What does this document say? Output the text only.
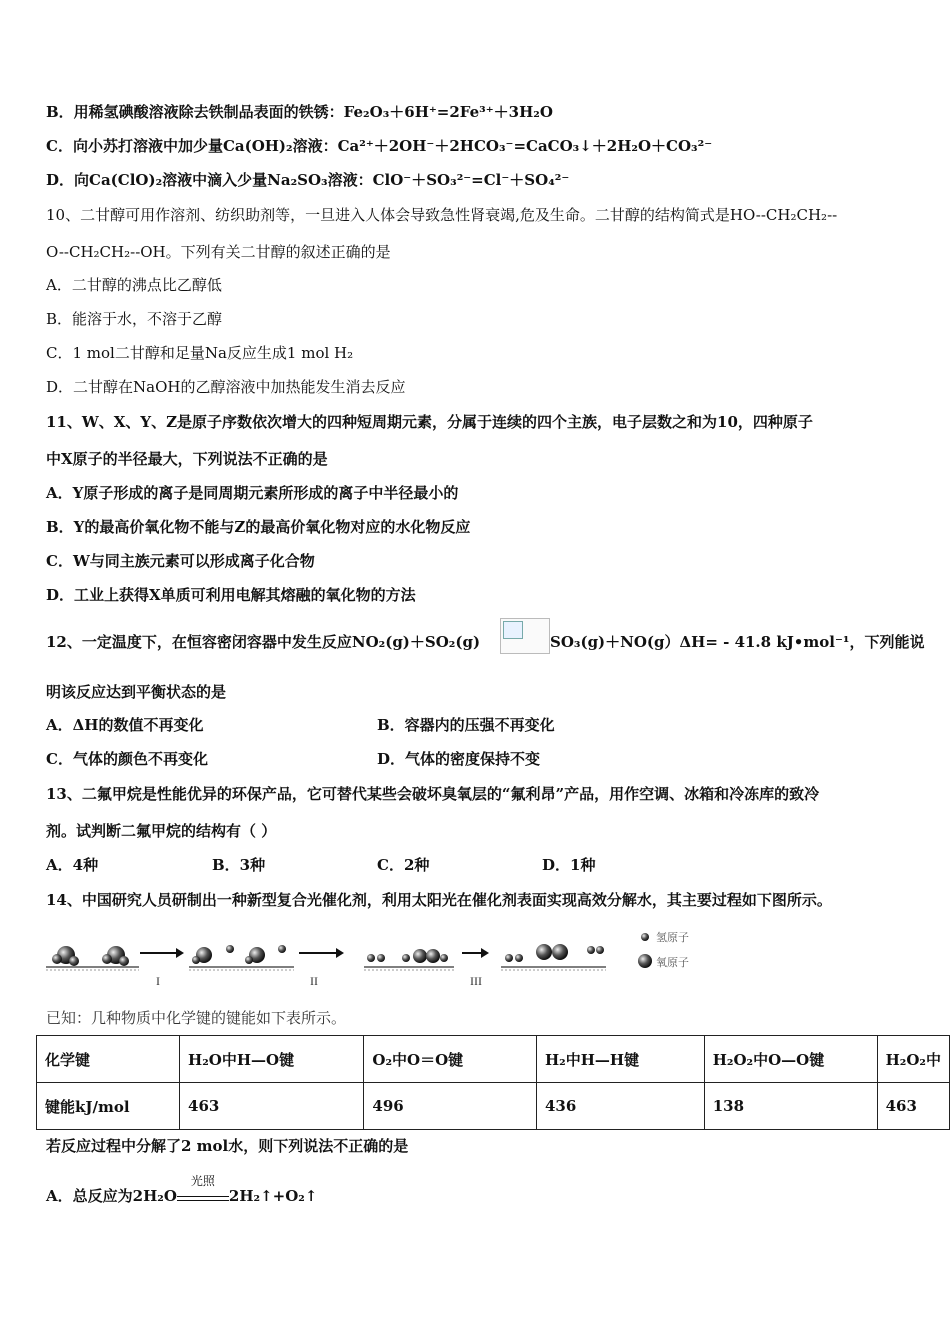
B．用稀氢碘酸溶液除去铁制品表面的铁锈：Fe₂O₃＋6H⁺=2Fe³⁺＋3H₂O
C．向小苏打溶液中加少量Ca(OH)₂溶液：Ca²⁺＋2OH⁻＋2HCO₃⁻=CaCO₃↓＋2H₂O＋CO₃²⁻
D．向Ca(ClO)₂溶液中滴入少量Na₂SO₃溶液：ClO⁻＋SO₃²⁻=Cl⁻＋SO₄²⁻
10、二甘醇可用作溶剂、纺织助剂等，一旦进入人体会导致急性肾衰竭,危及生命。二甘醇的结构简式是HO--CH₂CH₂--
O--CH₂CH₂--OH。下列有关二甘醇的叙述正确的是
A．二甘醇的沸点比乙醇低
B．能溶于水，不溶于乙醇
C．1 mol二甘醇和足量Na反应生成1 mol H₂
D．二甘醇在NaOH的乙醇溶液中加热能发生消去反应
11、W、X、Y、Z是原子序数依次增大的四种短周期元素，分属于连续的四个主族，电子层数之和为10，四种原子
中X原子的半径最大，下列说法不正确的是
A．Y原子形成的离子是同周期元素所形成的离子中半径最小的
B．Y的最高价氧化物不能与Z的最高价氧化物对应的水化物反应
C．W与同主族元素可以形成离子化合物
D．工业上获得X单质可利用电解其熔融的氧化物的方法
12、一定温度下，在恒容密闭容器中发生反应NO₂(g)＋SO₂(g)	SO₃(g)＋NO(g）ΔH= - 41.8 kJ•mol⁻¹，下列能说
明该反应达到平衡状态的是
A．ΔH的数值不再变化	B．容器内的压强不再变化
C．气体的颜色不再变化	D．气体的密度保持不变
13、二氟甲烷是性能优异的环保产品，它可替代某些会破坏臭氧层的“氟利昂”产品，用作空调、冰箱和冷冻库的致冷
剂。试判断二氟甲烷的结构有（ ）
A．4种	B．3种	C．2种	D．1种
14、中国研究人员研制出一种新型复合光催化剂，利用太阳光在催化剂表面实现高效分解水，其主要过程如下图所示。
I	II	III
氢原子
氧原子
已知：几种物质中化学键的键能如下表所示。
化学键	H₂O中H—O键	O₂中O＝O键	H₂中H—H键	H₂O₂中O—O键	H₂O₂中
键能kJ/mol	463	496	436	138	463
若反应过程中分解了2 mol水，则下列说法不正确的是
A．总反应为2H₂O
光照
2H₂↑+O₂↑
